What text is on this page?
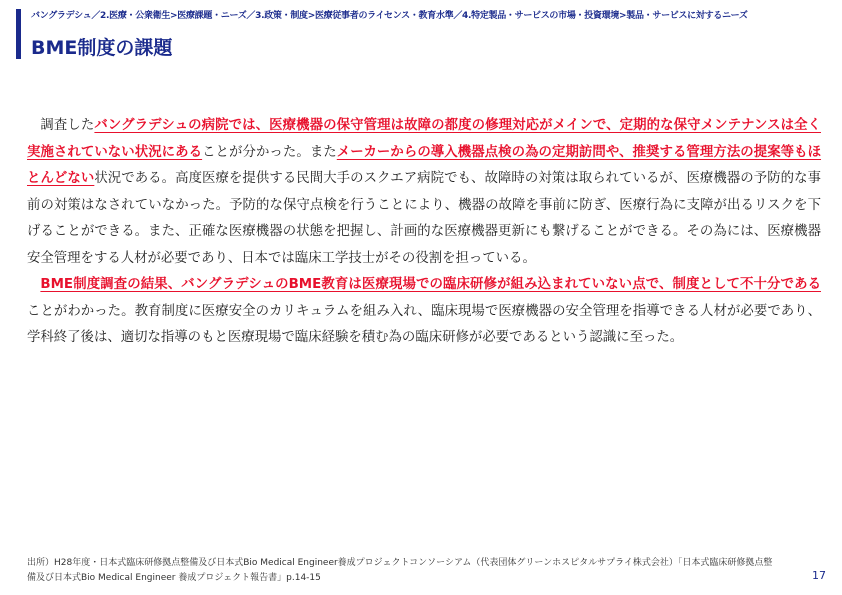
バングラデシュ／2.医療・公衆衛生>医療課題・ニーズ／3.政策・制度>医療従事者のライセンス・教育水準／4.特定製品・サービスの市場・投資環境>製品・サービスに対するニーズ
BME制度の課題

調査したバングラデシュの病院では、医療機器の保守管理は故障の都度の修理対応がメインで、定期的な保守メンテナンスは全く実施されていない状況にあることが分かった。またメーカーからの導入機器点検の為の定期訪問や、推奨する管理方法の提案等もほとんどない状況である。高度医療を提供する民間大手のスクエア病院でも、故障時の対策は取られているが、医療機器の予防的な事前の対策はなされていなかった。予防的な保守点検を行うことにより、機器の故障を事前に防ぎ、医療行為に支障が出るリスクを下げることができる。また、正確な医療機器の状態を把握し、計画的な医療機器更新にも繋げることができる。その為には、医療機器安全管理をする人材が必要であり、日本では臨床工学技士がその役割を担っている。

BME制度調査の結果、バングラデシュのBME教育は医療現場での臨床研修が組み込まれていない点で、制度として不十分であることがわかった。教育制度に医療安全のカリキュラムを組み入れ、臨床現場で医療機器の安全管理を指導できる人材が必要であり、学科終了後は、適切な指導のもと医療現場で臨床経験を積む為の臨床研修が必要であるという認識に至った。

出所）H28年度・日本式臨床研修拠点整備及び日本式Bio Medical Engineer養成プロジェクトコンソーシアム（代表団体グリーンホスピタルサプライ株式会社）「日本式臨床研修拠点整備及び日本式Bio Medical Engineer 養成プロジェクト報告書」p.14-15	17
